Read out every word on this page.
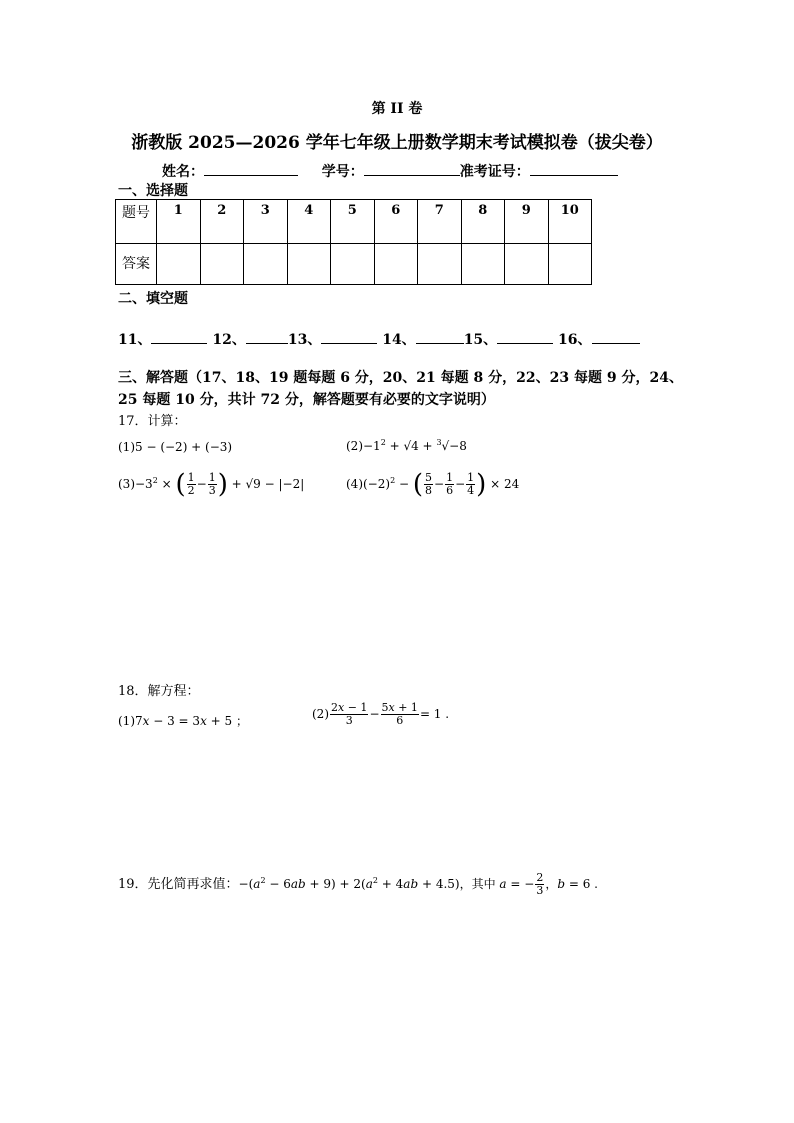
第 II 卷
浙教版 2025—2026 学年七年级上册数学期末考试模拟卷（拔尖卷）
姓名：	学号：	准考证号：
一、选择题
题号	1	2	3	4	5	6	7	8	9	10
答案										
二、填空题
11、	12、	13、	14、	15、	16、
三、解答题（17、18、19 题每题 6 分，20、21 每题 8 分，22、23 每题 9 分，24、25 每题 10 分，共计 72 分，解答题要有必要的文字说明）
17．计算：
(1)5 − (−2) + (−3)	$(2)-1^2 + √4 + ^3√-8$
$(3)-3^2$ × ( $\frac{1}{2} - \frac{1}{3}$ ) + √9 − |−2|	$(4)(-2)^2$ − ( $\frac{5}{8} - \frac{1}{6} - \frac{1}{4}$ ) × 24
18．解方程：
(1)7x − 3 = 3x + 5 ；	$(2) \frac{2x - 1}{3} - \frac{5x + 1}{6} = 1$ .
19．先化简再求值：$-(a^2 - 6ab + 9) + 2(a^2 + 4ab + 4.5)$，其中 a = − $\frac{2}{3}$ ，b = 6 .
